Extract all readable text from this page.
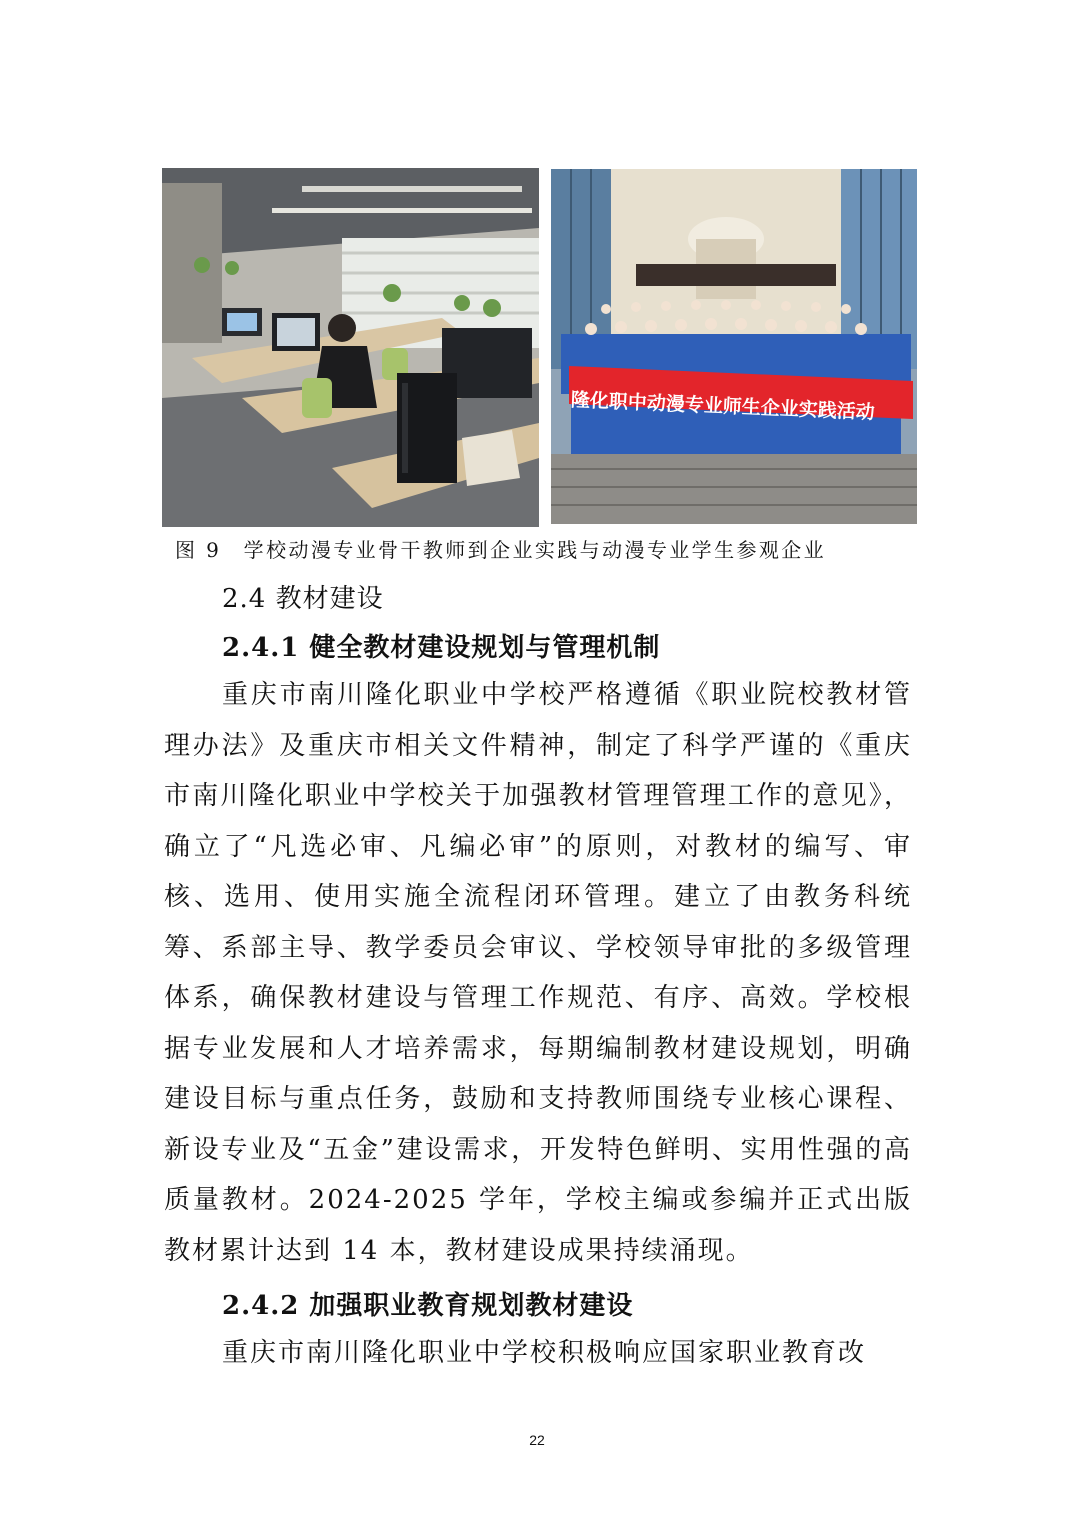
隆化职中动漫专业师生企业实践活动
图 9　学校动漫专业骨干教师到企业实践与动漫专业学生参观企业
2.4 教材建设
2.4.1 健全教材建设规划与管理机制

重庆市南川隆化职业中学校严格遵循《职业院校教材管理办法》及重庆市相关文件精神，制定了科学严谨的《重庆市南川隆化职业中学校关于加强教材管理管理工作的意见》，确立了“凡选必审、凡编必审”的原则，对教材的编写、审核、选用、使用实施全流程闭环管理。建立了由教务科统筹、系部主导、教学委员会审议、学校领导审批的多级管理体系，确保教材建设与管理工作规范、有序、高效。学校根据专业发展和人才培养需求，每期编制教材建设规划，明确建设目标与重点任务，鼓励和支持教师围绕专业核心课程、新设专业及“五金”建设需求，开发特色鲜明、实用性强的高质量教材。2024-2025 学年，学校主编或参编并正式出版教材累计达到 14 本，教材建设成果持续涌现。

2.4.2 加强职业教育规划教材建设

重庆市南川隆化职业中学校积极响应国家职业教育改

22
